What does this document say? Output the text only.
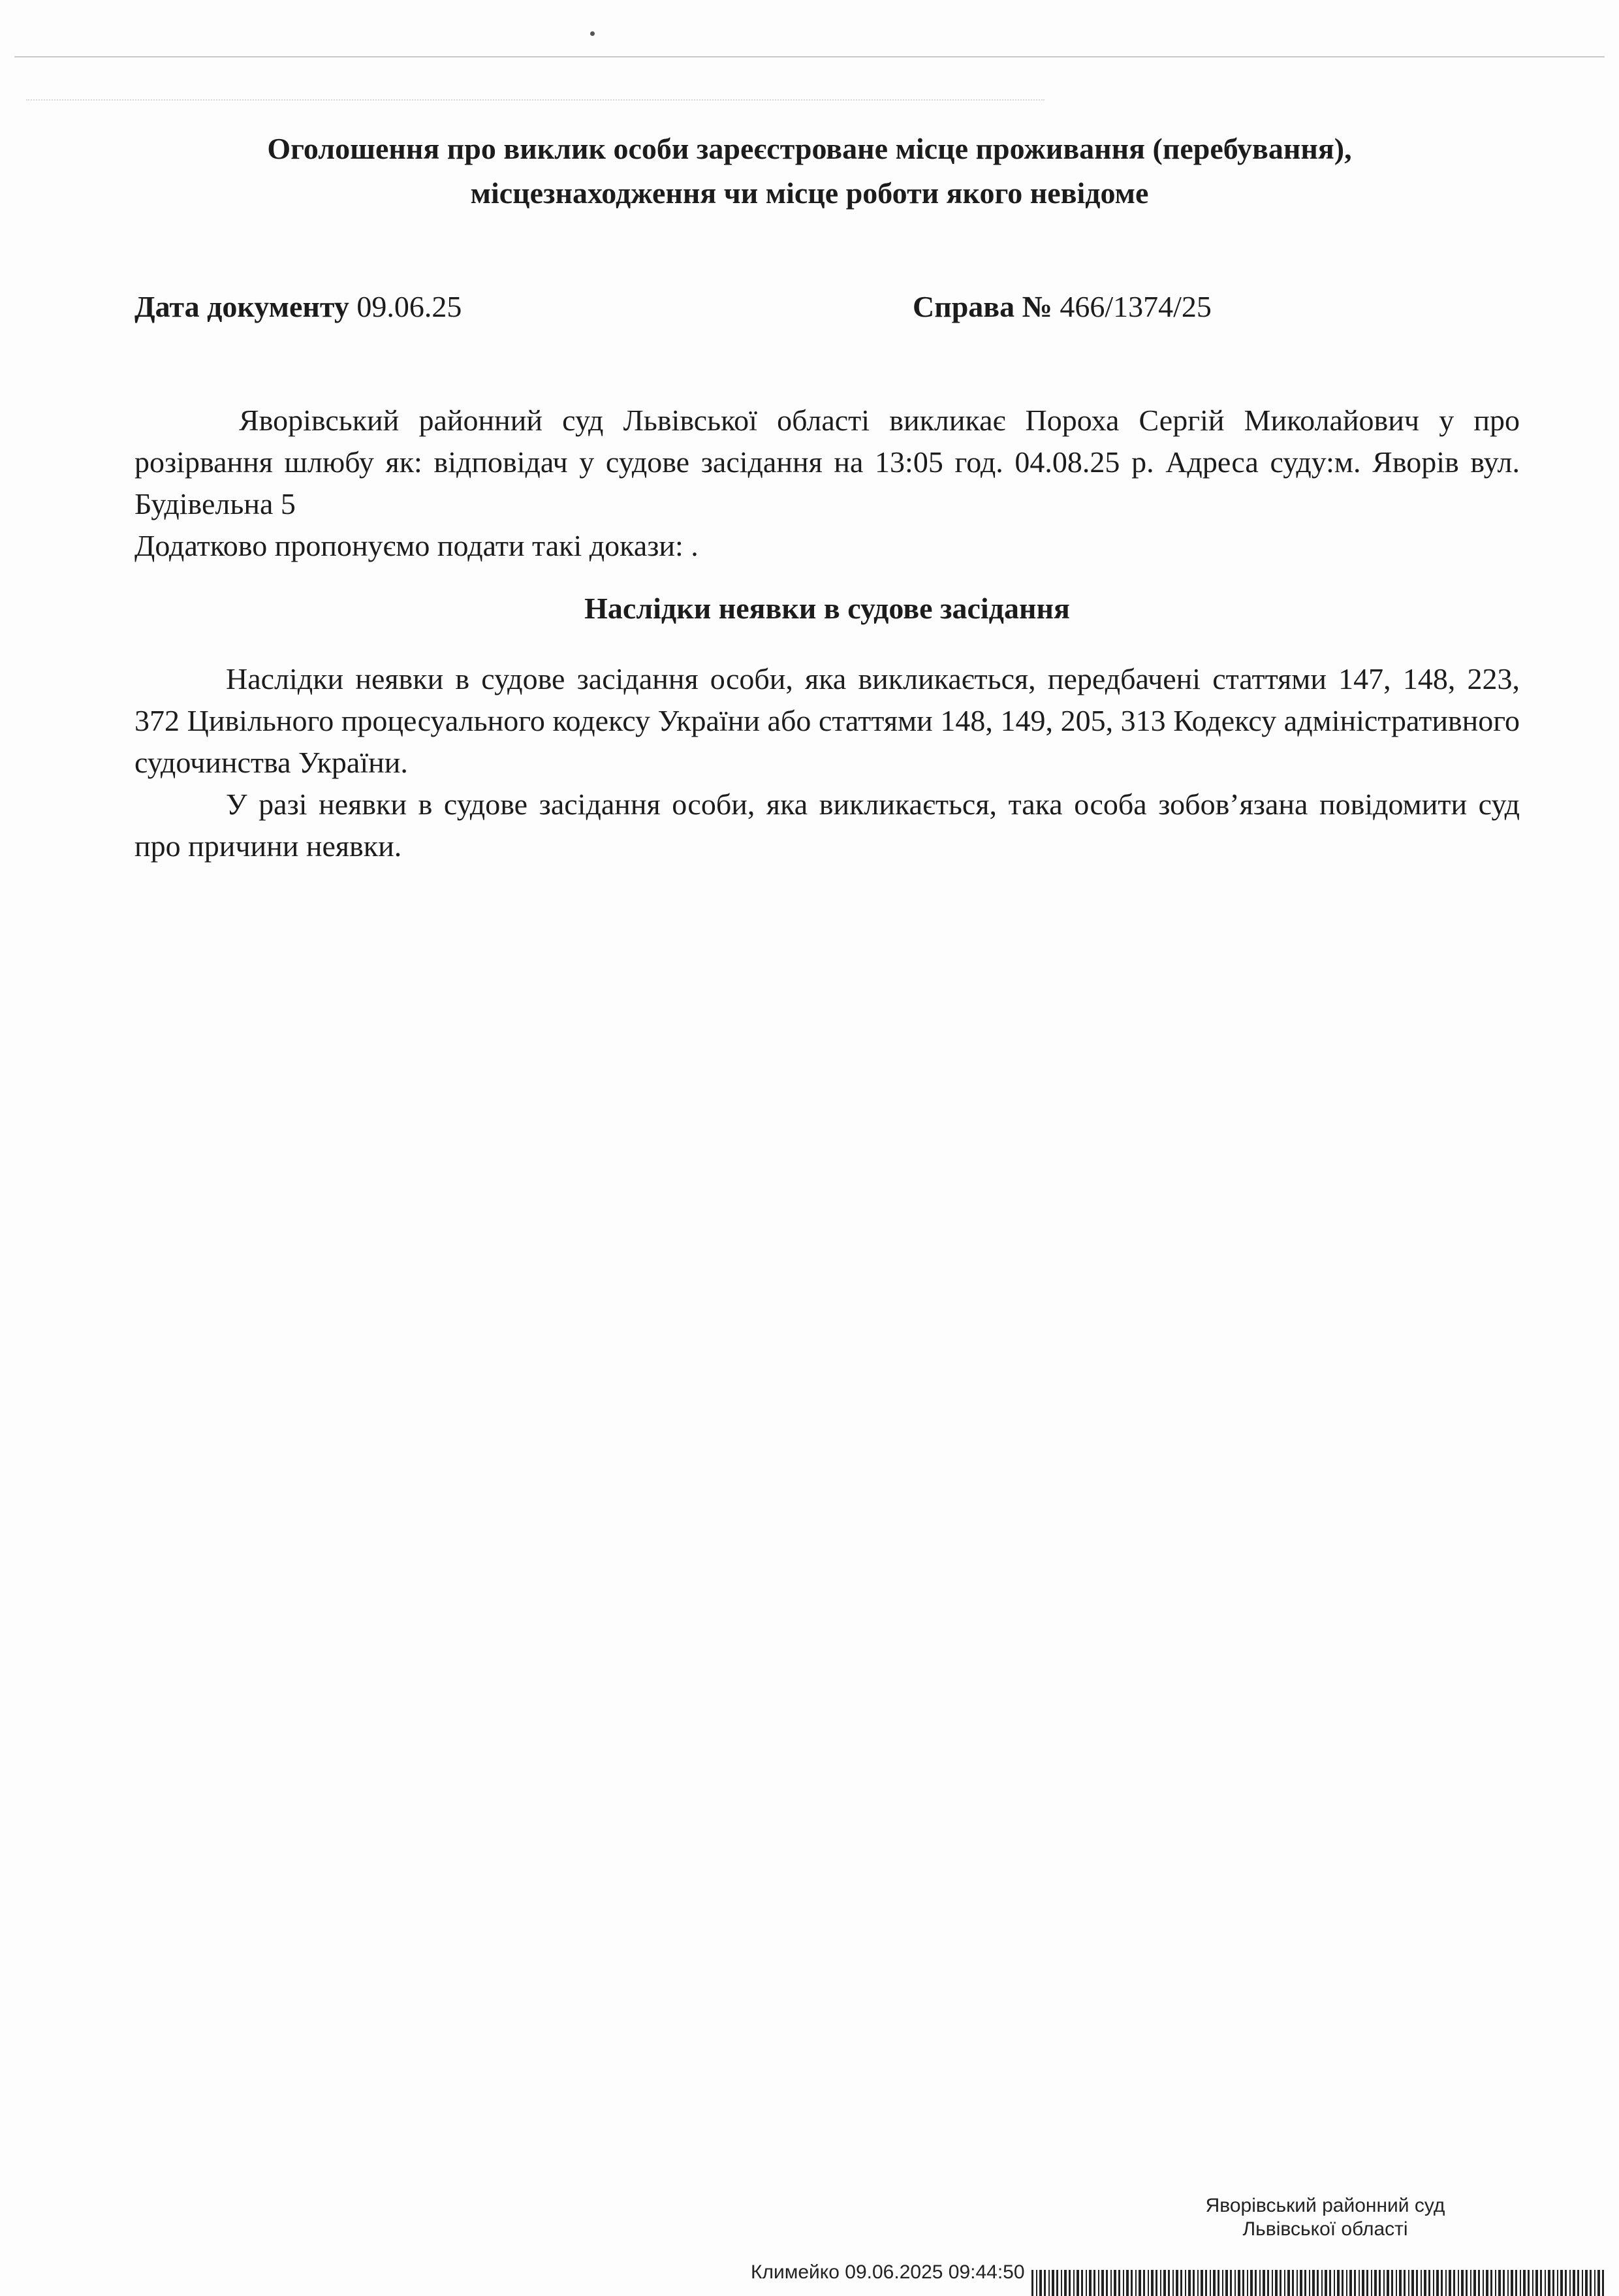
Оголошення про виклик особи зареєстроване місце проживання (перебування),
місцезнаходження чи місце роботи якого невідоме
Дата документу 09.06.25	Справа № 466/1374/25

Яворівський районний суд Львівської області викликає Пороха Сергій Миколайович у про розірвання шлюбу як: відповідач у судове засідання на 13:05 год. 04.08.25 р. Адреса суду:м. Яворів вул. Будівельна 5

Додатково пропонуємо подати такі докази: .

Наслідки неявки в судове засідання

Наслідки неявки в судове засідання особи, яка викликається, передбачені статтями 147, 148, 223, 372 Цивільного процесуального кодексу України або статтями 148, 149, 205, 313 Кодексу адміністративного судочинства України.

У разі неявки в судове засідання особи, яка викликається, така особа зобов’язана повідомити суд про причини неявки.

Яворівський районний суд
Львівської області
Климейко 09.06.2025 09:44:50
